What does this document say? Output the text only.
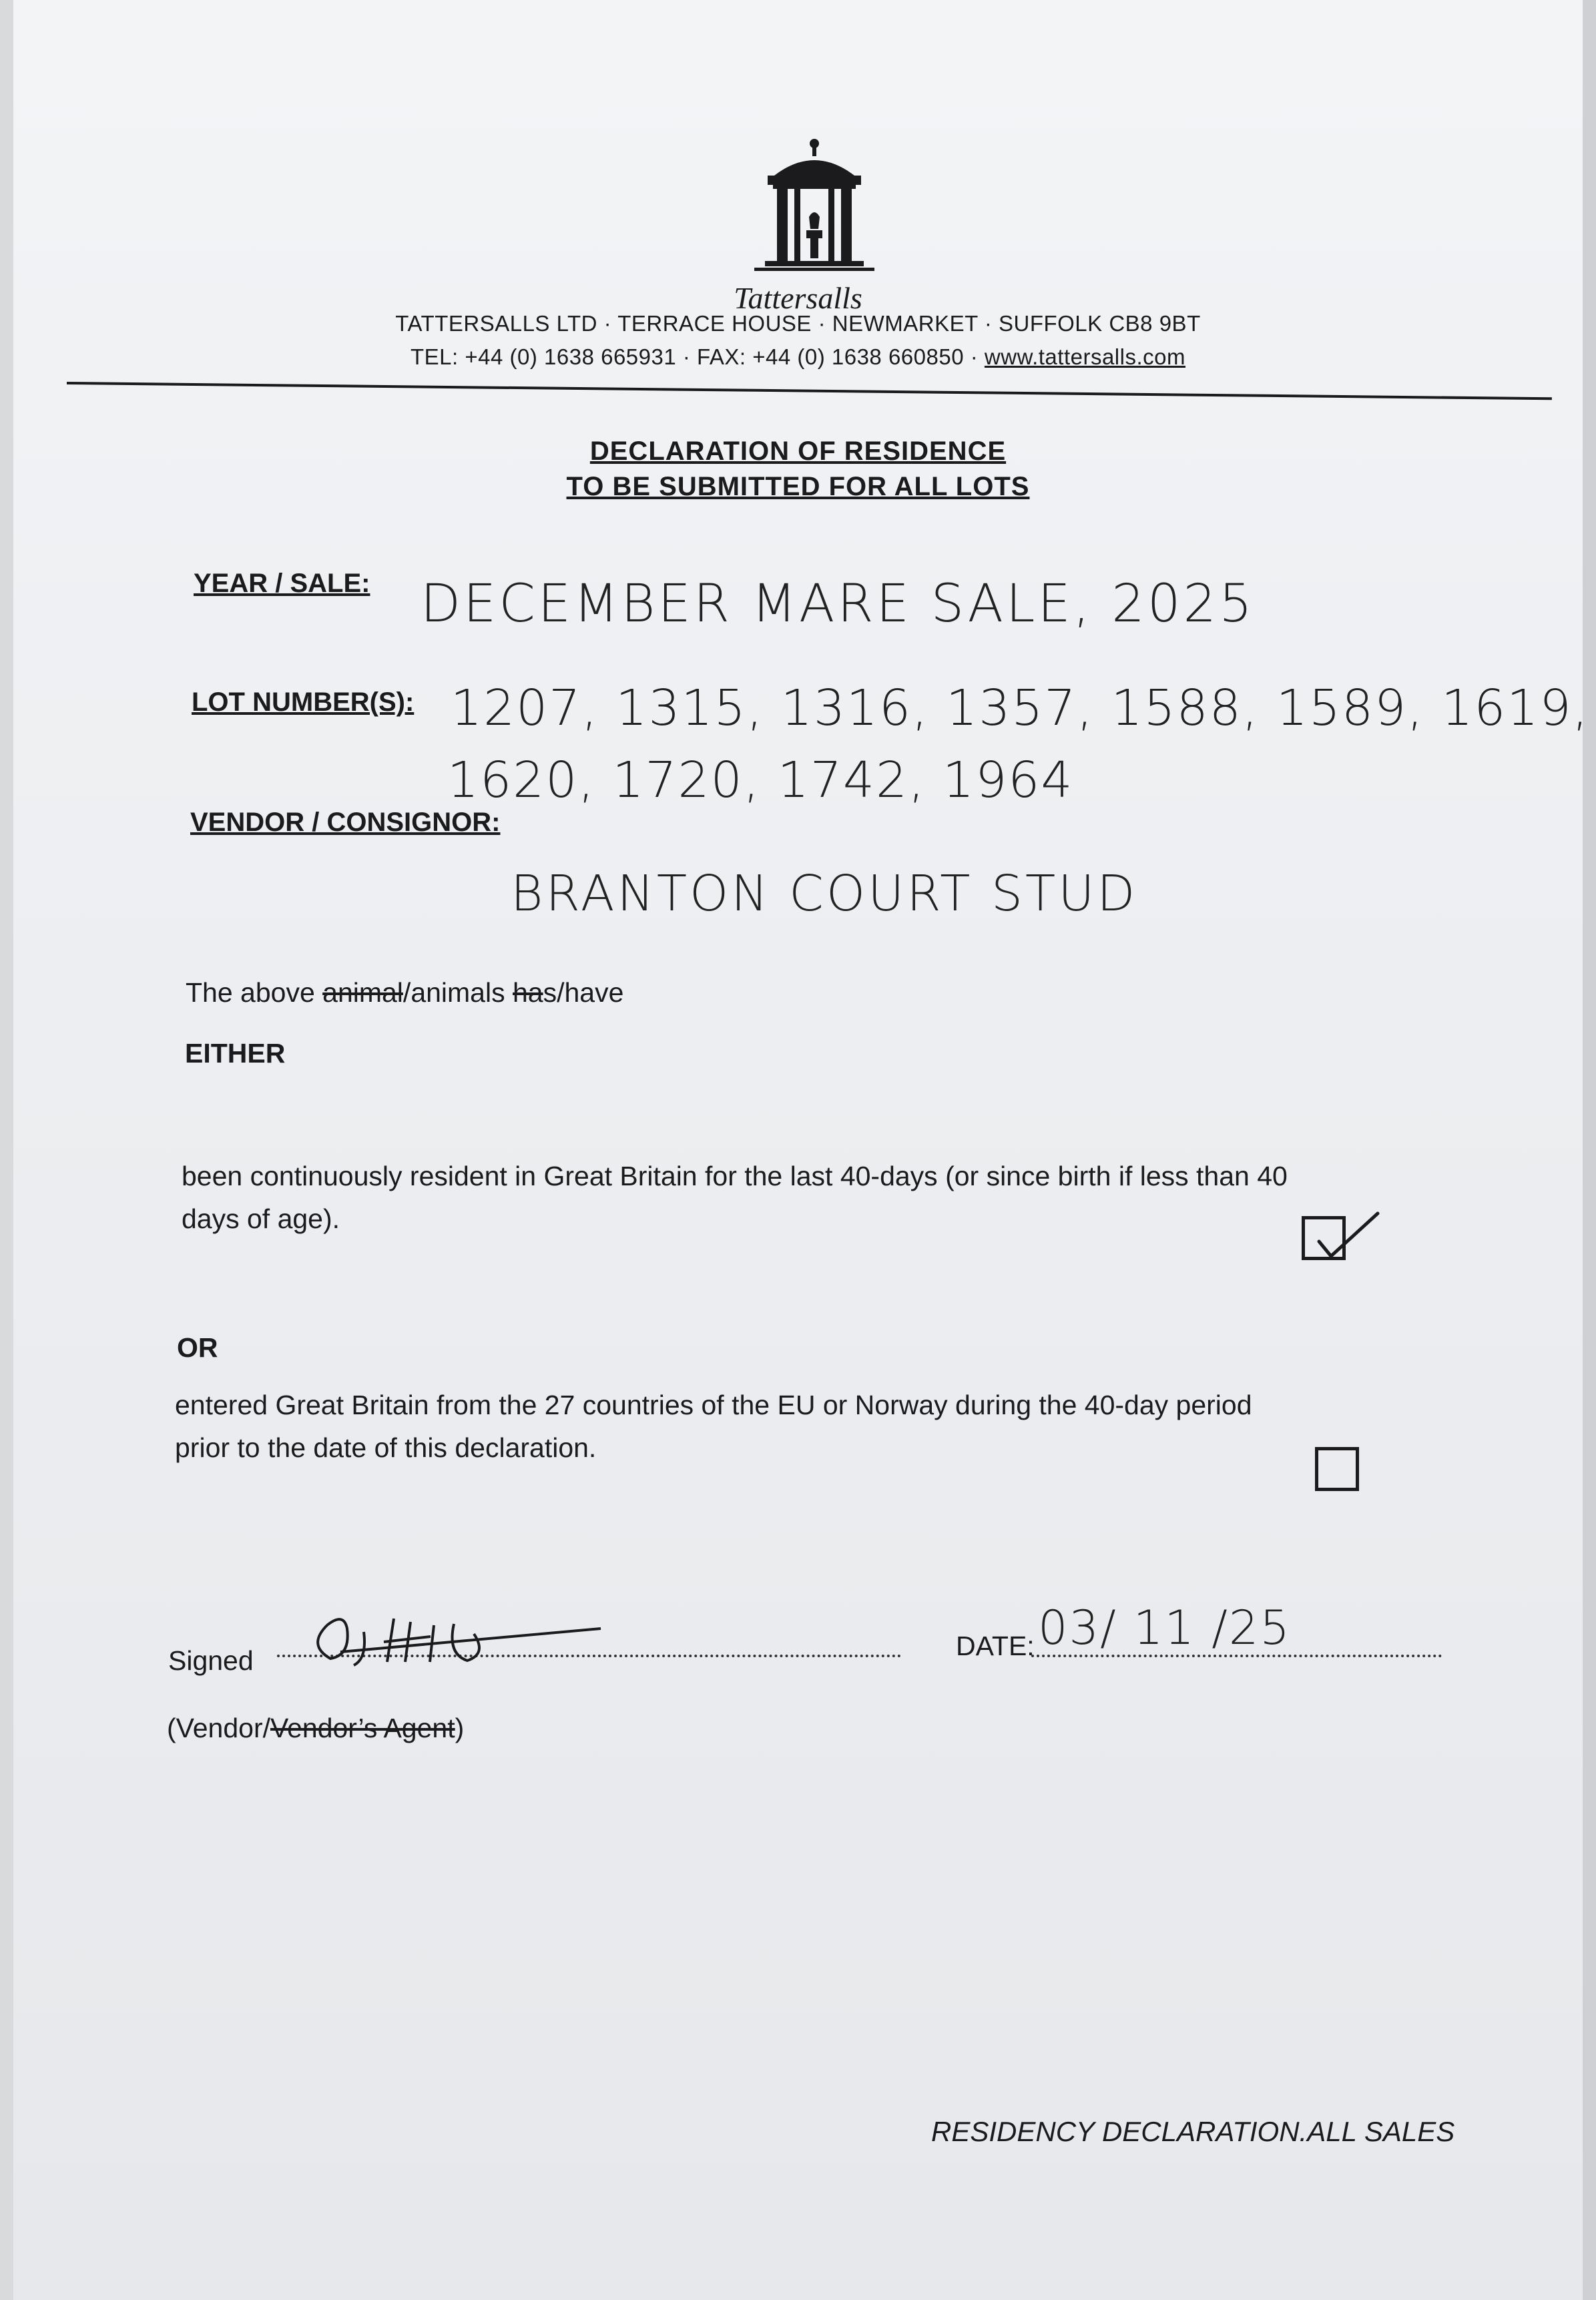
Tattersalls
TATTERSALLS LTD · TERRACE HOUSE · NEWMARKET · SUFFOLK CB8 9BT
TEL: +44 (0) 1638 665931 · FAX: +44 (0) 1638 660850 · www.tattersalls.com
DECLARATION OF RESIDENCE
TO BE SUBMITTED FOR ALL LOTS
YEAR / SALE: DECEMBER MARE SALE, 2025
LOT NUMBER(S): 1207, 1315, 1316, 1357, 1588, 1589, 1619,
1620, 1720, 1742, 1964
VENDOR / CONSIGNOR:
BRANTON COURT STUD
The above animal/animals has/have
EITHER
been continuously resident in Great Britain for the last 40-days (or since birth if less than 40
days of age).
OR
entered Great Britain from the 27 countries of the EU or Norway during the 40-day period
prior to the date of this declaration.
Signed	DATE: 03/ 11 /25
(Vendor/Vendor’s Agent)
RESIDENCY DECLARATION.ALL SALES
